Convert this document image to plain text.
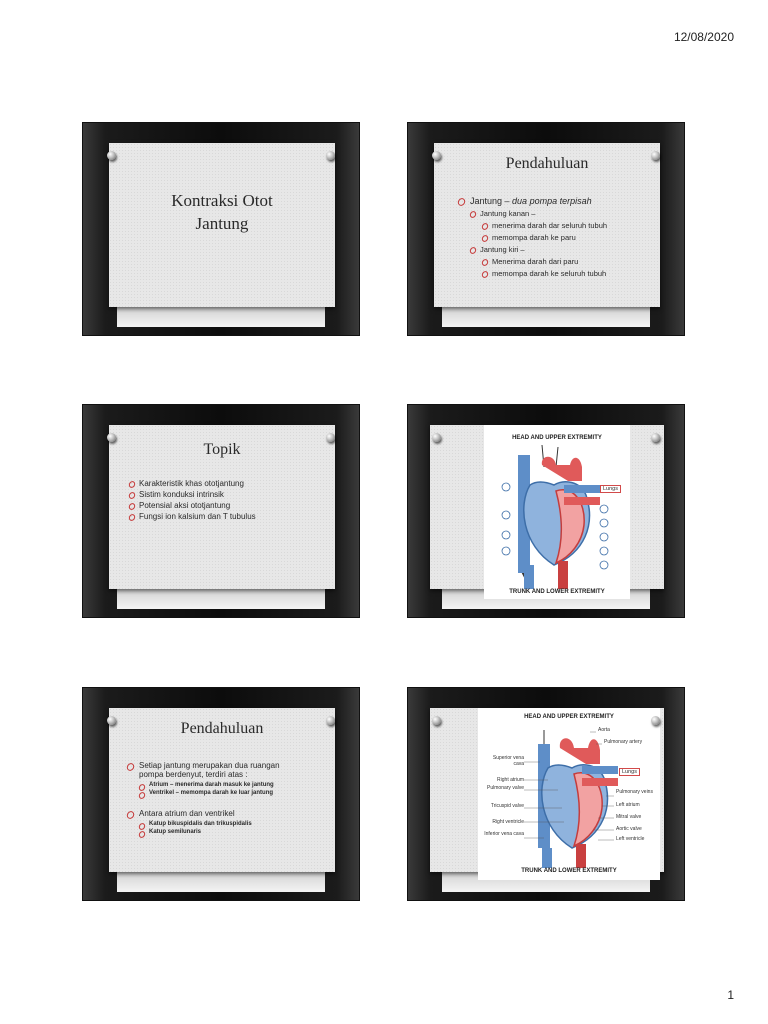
12/08/2020
Kontraksi Otot
Jantung
Pendahuluan
Jantung – dua pompa terpisah
Jantung kanan –
menerima darah dar seluruh tubuh
memompa darah ke paru
Jantung kiri –
Menerima darah dari paru
memompa darah ke seluruh tubuh
Topik
Karakteristik khas ototjantung
Sistim konduksi intrinsik
Potensial aksi ototjantung
Fungsi ion kalsium dan T tubulus
HEAD AND UPPER EXTREMITY
Lungs
TRUNK AND LOWER EXTREMITY
Pendahuluan
Setiap jantung merupakan dua ruangan
pompa berdenyut, terdiri atas :
Atrium – menerima darah masuk ke jantung
Ventrikel – memompa darah ke luar jantung
Antara atrium dan ventrikel
Katup bikuspidalis dan trikuspidalis
Katup semilunaris
HEAD AND UPPER EXTREMITY
Lungs
Superior vena cava
Right atrium
Pulmonary valve
Tricuspid valve
Right ventricle
Inferior vena cava
Aorta
Pulmonary artery
Pulmonary veins
Left atrium
Mitral valve
Aortic valve
Left ventricle
TRUNK AND LOWER EXTREMITY
1
